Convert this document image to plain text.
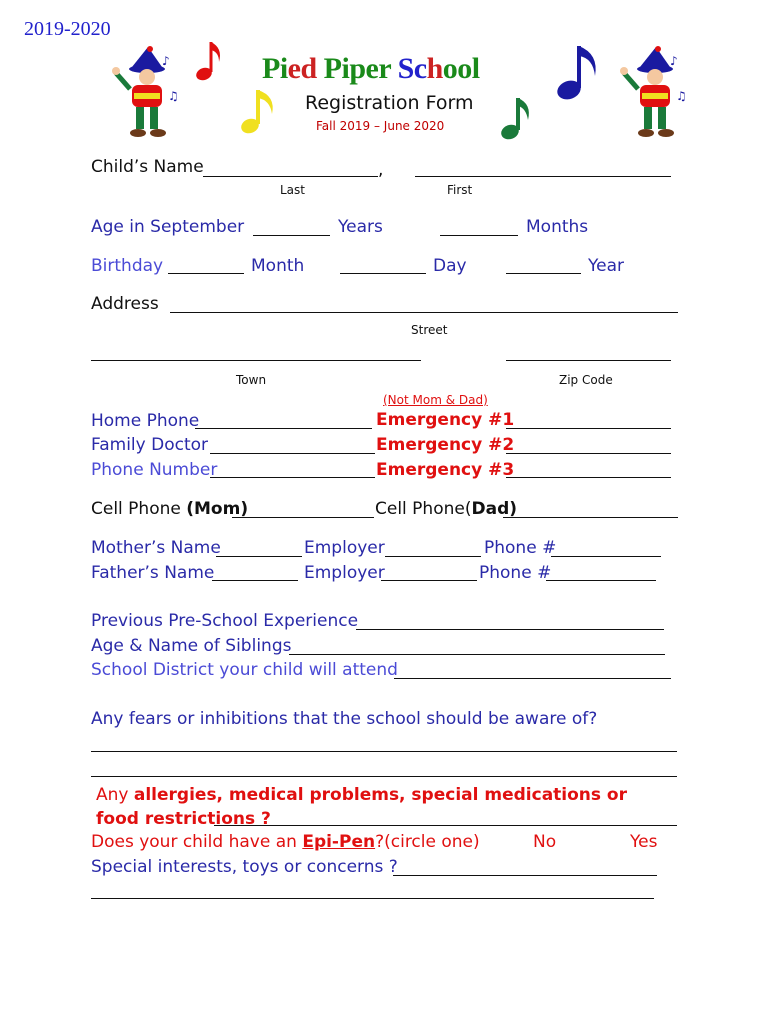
2019-2020
Pied Piper School
Registration Form
Fall 2019 – June 2020
♪
♫
♪
♫
Child’s Name	,
Last	First
Age in September	Years	Months
Birthday	Month	Day	Year
Address
Street
Town	Zip Code
(Not Mom & Dad)
Home Phone	Emergency #1
Family Doctor	Emergency #2
Phone Number	Emergency #3
Cell Phone (Mom)	Cell Phone(Dad)
Mother’s Name	Employer	Phone #
Father’s Name	Employer	Phone #
Previous Pre-School Experience
Age & Name of Siblings
School District your child will attend
Any fears or inhibitions that the school should be aware of?
Any allergies, medical problems, special medications or food restrictions ?
Does your child have an Epi-Pen?(circle one)	No	Yes
Special interests, toys or concerns ?
